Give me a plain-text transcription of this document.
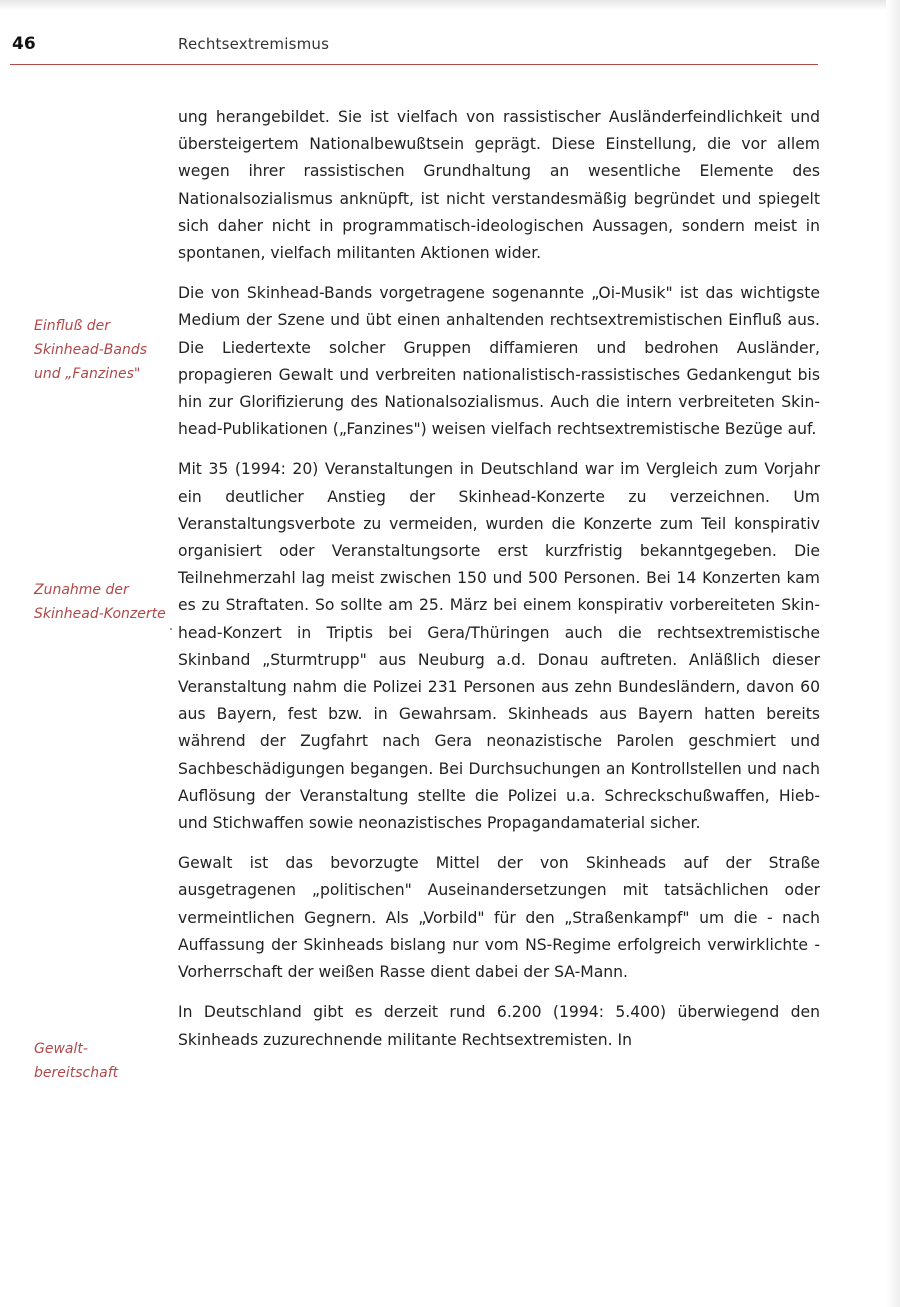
46	Rechtsextremismus
Einfluß der
Skinhead-Bands
und „Fanzines"
Zunahme der
Skinhead-Konzerte
Gewalt-
bereitschaft

ung herangebildet. Sie ist vielfach von rassistischer Ausländerfeindlichkeit und übersteigertem Nationalbewußtsein geprägt. Diese Einstellung, die vor allem wegen ihrer rassistischen Grundhaltung an wesentliche Elemente des Nationalsozialismus anknüpft, ist nicht verstandesmäßig begründet und spiegelt sich daher nicht in programmatisch-ideologischen Aussagen, sondern meist in spontanen, vielfach militanten Aktionen wider.

Die von Skinhead-Bands vorgetragene sogenannte „Oi-Musik" ist das wichtigste Medium der Szene und übt einen anhaltenden rechtsextremistischen Einfluß aus. Die Liedertexte solcher Gruppen diffamieren und bedrohen Ausländer, propagieren Gewalt und verbreiten nationalistisch-rassistisches Gedankengut bis hin zur Glorifizierung des Nationalsozialismus. Auch die intern verbreiteten Skinhead-Publikationen („Fanzines") weisen vielfach rechtsextremistische Bezüge auf.

Mit 35 (1994: 20) Veranstaltungen in Deutschland war im Vergleich zum Vorjahr ein deutlicher Anstieg der Skinhead-Konzerte zu verzeichnen. Um Veranstaltungsverbote zu vermeiden, wurden die Konzerte zum Teil konspirativ organisiert oder Veranstaltungsorte erst kurzfristig bekanntgegeben. Die Teilnehmerzahl lag meist zwischen 150 und 500 Personen. Bei 14 Konzerten kam es zu Straftaten. So sollte am 25. März bei einem konspirativ vorbereiteten Skinhead-Konzert in Triptis bei Gera/Thüringen auch die rechtsextremistische Skinband „Sturmtrupp" aus Neuburg a.d. Donau auftreten. Anläßlich dieser Veranstaltung nahm die Polizei 231 Personen aus zehn Bundesländern, davon 60 aus Bayern, fest bzw. in Gewahrsam. Skinheads aus Bayern hatten bereits während der Zugfahrt nach Gera neonazistische Parolen geschmiert und Sachbeschädigungen begangen. Bei Durchsuchungen an Kontrollstellen und nach Auflösung der Veranstaltung stellte die Polizei u.a. Schreckschußwaffen, Hieb- und Stichwaffen sowie neonazistisches Propagandamaterial sicher.

Gewalt ist das bevorzugte Mittel der von Skinheads auf der Straße ausgetragenen „politischen" Auseinandersetzungen mit tatsächlichen oder vermeintlichen Gegnern. Als „Vorbild" für den „Straßenkampf" um die - nach Auffassung der Skinheads bislang nur vom NS-Regime erfolgreich verwirklichte - Vorherrschaft der weißen Rasse dient dabei der SA-Mann.

In Deutschland gibt es derzeit rund 6.200 (1994: 5.400) überwiegend den Skinheads zuzurechnende militante Rechtsextremisten. In
